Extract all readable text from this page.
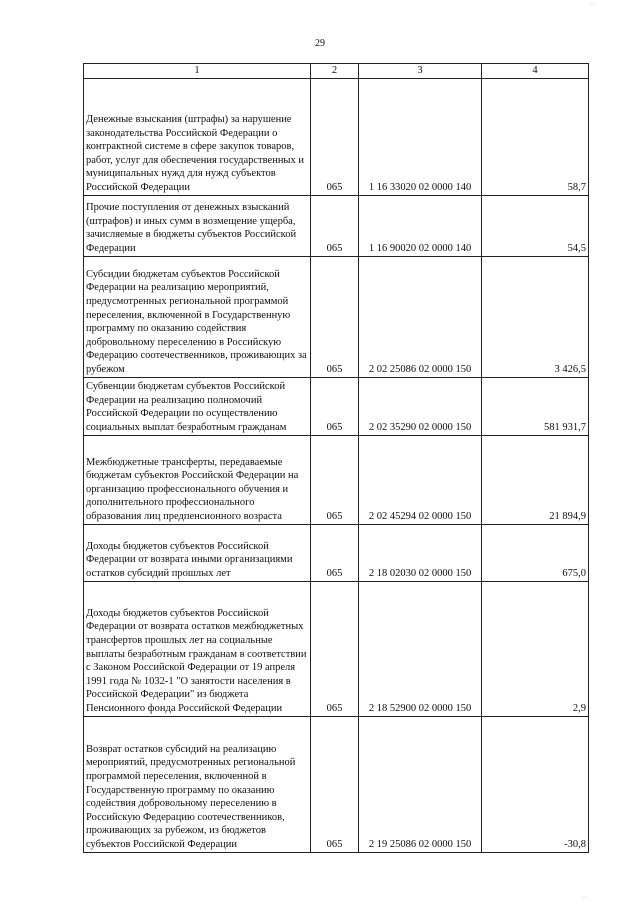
29
1	2	3	4
Денежные взыскания (штрафы) за нарушение законодательства Российской Федерации о контрактной системе в сфере закупок товаров, работ, услуг для обеспечения государственных и муниципальных нужд для нужд субъектов Российской Федерации	065	1 16 33020 02 0000 140	58,7
Прочие поступления от денежных взысканий (штрафов) и иных сумм в возмещение ущерба, зачисляемые в бюджеты субъектов Российской Федерации	065	1 16 90020 02 0000 140	54,5
Субсидии бюджетам субъектов Российской Федерации на реализацию мероприятий, предусмотренных региональной программой переселения, включенной в Государственную программу по оказанию содействия добровольному переселению в Российскую Федерацию соотечественников, проживающих за рубежом	065	2 02 25086 02 0000 150	3 426,5
Субвенции бюджетам субъектов Российской Федерации на реализацию полномочий Российской Федерации по осуществлению социальных выплат безработным гражданам	065	2 02 35290 02 0000 150	581 931,7
Межбюджетные трансферты, передаваемые бюджетам субъектов Российской Федерации на организацию профессионального обучения и дополнительного профессионального образования лиц предпенсионного возраста	065	2 02 45294 02 0000 150	21 894,9
Доходы бюджетов субъектов Российской Федерации от возврата иными организациями остатков субсидий прошлых лет	065	2 18 02030 02 0000 150	675,0
Доходы бюджетов субъектов Российской Федерации от возврата остатков межбюджетных трансфертов прошлых лет на социальные выплаты безработным гражданам в соответствии с Законом Российской Федерации от 19 апреля 1991 года № 1032-1 "О занятости населения в Российской Федерации" из бюджета Пенсионного фонда Российской Федерации	065	2 18 52900 02 0000 150	2,9
Возврат остатков субсидий на реализацию мероприятий, предусмотренных региональной программой переселения, включенной в Государственную программу по оказанию содействия добровольному переселению в Российскую Федерацию соотечественников, проживающих за рубежом, из бюджетов субъектов Российской Федерации	065	2 19 25086 02 0000 150	-30,8
···
···
